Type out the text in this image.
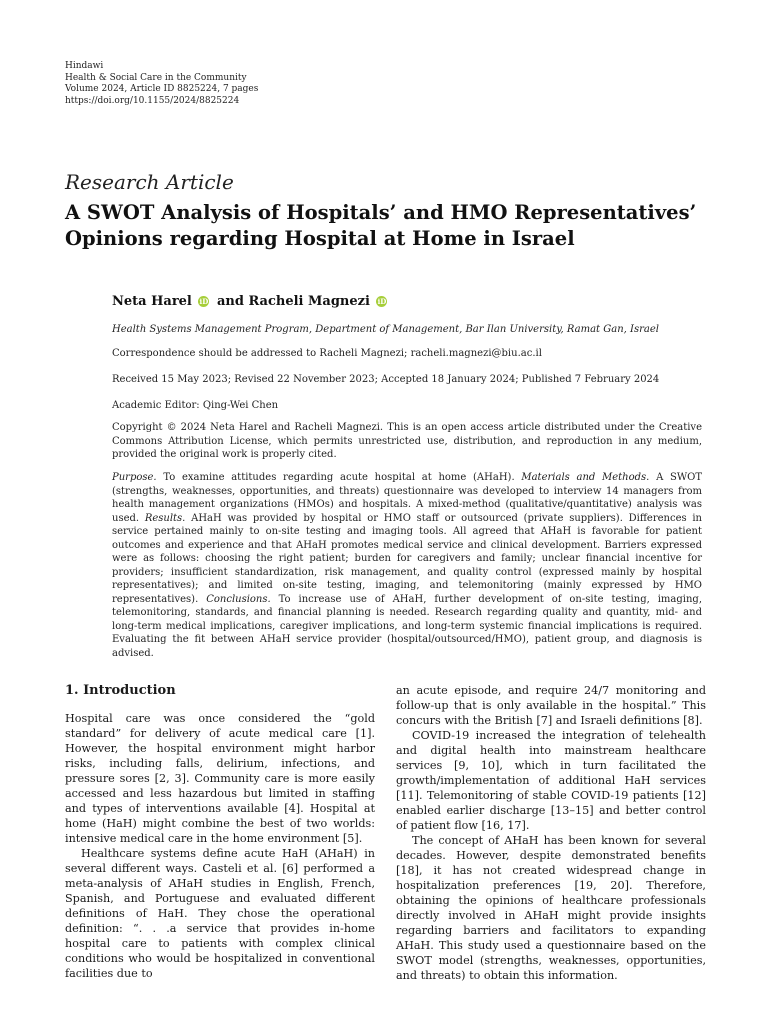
Hindawi
Health & Social Care in the Community
Volume 2024, Article ID 8825224, 7 pages
https://doi.org/10.1155/2024/8825224
Research Article
A SWOT Analysis of Hospitals’ and HMO Representatives’
Opinions regarding Hospital at Home in Israel
Neta Harel iD and Racheli Magnezi iD
Health Systems Management Program, Department of Management, Bar Ilan University, Ramat Gan, Israel
Correspondence should be addressed to Racheli Magnezi; racheli.magnezi@biu.ac.il
Received 15 May 2023; Revised 22 November 2023; Accepted 18 January 2024; Published 7 February 2024
Academic Editor: Qing-Wei Chen
Copyright © 2024 Neta Harel and Racheli Magnezi. This is an open access article distributed under the Creative Commons Attribution License, which permits unrestricted use, distribution, and reproduction in any medium, provided the original work is properly cited.
Purpose. To examine attitudes regarding acute hospital at home (AHaH). Materials and Methods. A SWOT (strengths, weaknesses, opportunities, and threats) questionnaire was developed to interview 14 managers from health management organizations (HMOs) and hospitals. A mixed-method (qualitative/quantitative) analysis was used. Results. AHaH was provided by hospital or HMO staff or outsourced (private suppliers). Differences in service pertained mainly to on-site testing and imaging tools. All agreed that AHaH is favorable for patient outcomes and experience and that AHaH promotes medical service and clinical development. Barriers expressed were as follows: choosing the right patient; burden for caregivers and family; unclear financial incentive for providers; insufficient standardization, risk management, and quality control (expressed mainly by hospital representatives); and limited on-site testing, imaging, and telemonitoring (mainly expressed by HMO representatives). Conclusions. To increase use of AHaH, further development of on-site testing, imaging, telemonitoring, standards, and financial planning is needed. Research regarding quality and quantity, mid- and long-term medical implications, caregiver implications, and long-term systemic financial implications is required. Evaluating the fit between AHaH service provider (hospital/outsourced/HMO), patient group, and diagnosis is advised.
1. Introduction

Hospital care was once considered the “gold standard” for delivery of acute medical care [1]. However, the hospital environment might harbor risks, including falls, delirium, infections, and pressure sores [2, 3]. Community care is more easily accessed and less hazardous but limited in staffing and types of interventions available [4]. Hospital at home (HaH) might combine the best of two worlds: intensive medical care in the home environment [5].

Healthcare systems define acute HaH (AHaH) in several different ways. Casteli et al. [6] performed a meta-analysis of AHaH studies in English, French, Spanish, and Portuguese and evaluated different definitions of HaH. They chose the operational definition: “. . .a service that provides in-home hospital care to patients with complex clinical conditions who would be hospitalized in conventional facilities due to

an acute episode, and require 24/7 monitoring and follow-up that is only available in the hospital.” This concurs with the British [7] and Israeli definitions [8].

COVID-19 increased the integration of telehealth and digital health into mainstream healthcare services [9, 10], which in turn facilitated the growth/implementation of additional HaH services [11]. Telemonitoring of stable COVID-19 patients [12] enabled earlier discharge [13–15] and better control of patient flow [16, 17].

The concept of AHaH has been known for several decades. However, despite demonstrated benefits [18], it has not created widespread change in hospitalization preferences [19, 20]. Therefore, obtaining the opinions of healthcare professionals directly involved in AHaH might provide insights regarding barriers and facilitators to expanding AHaH. This study used a questionnaire based on the SWOT model (strengths, weaknesses, opportunities, and threats) to obtain this information.
